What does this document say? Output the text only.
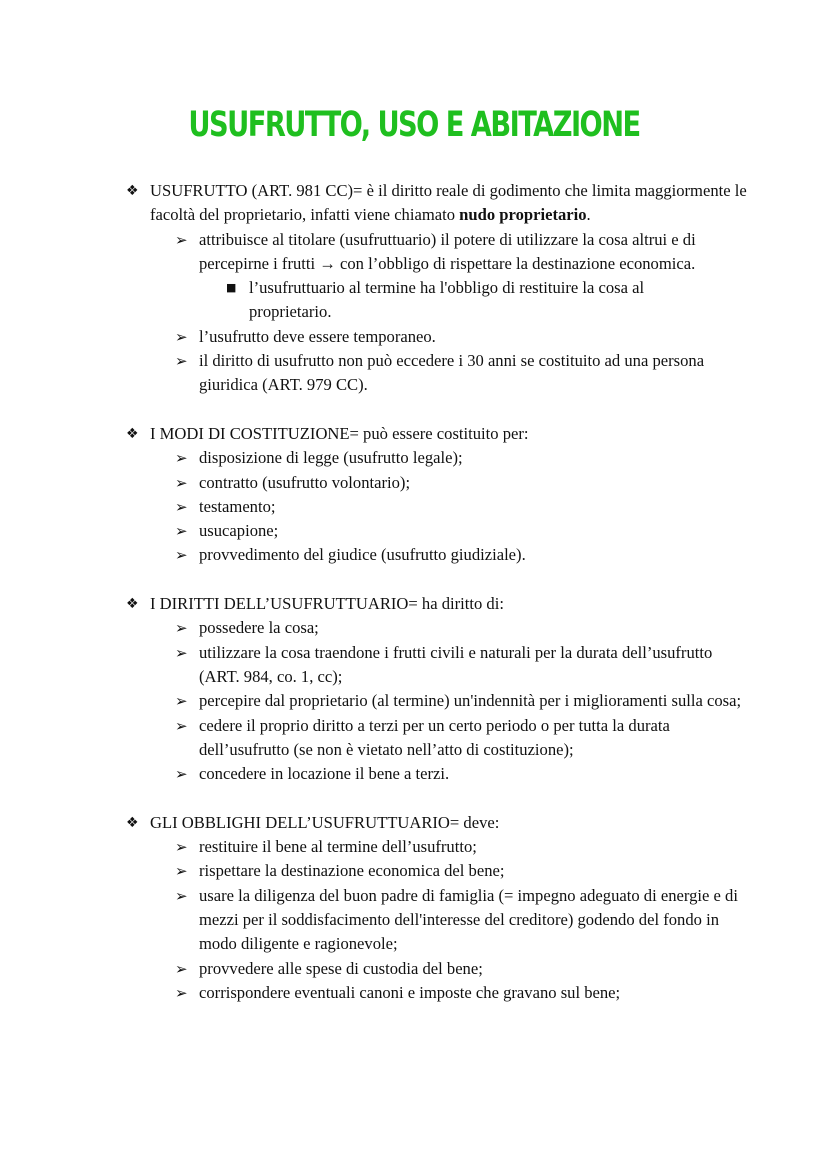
USUFRUTTO, USO E ABITAZIONE
❖ USUFRUTTO (ART. 981 CC)= è il diritto reale di godimento che limita maggiormente le facoltà del proprietario, infatti viene chiamato nudo proprietario.
➢ attribuisce al titolare (usufruttuario) il potere di utilizzare la cosa altrui e di percepirne i frutti → con l’obbligo di rispettare la destinazione economica.
■ l’usufruttuario al termine ha l'obbligo di restituire la cosa al proprietario.
➢ l’usufrutto deve essere temporaneo.
➢ il diritto di usufrutto non può eccedere i 30 anni se costituito ad una persona giuridica (ART. 979 CC).
❖ I MODI DI COSTITUZIONE= può essere costituito per:
➢ disposizione di legge (usufrutto legale);
➢ contratto (usufrutto volontario);
➢ testamento;
➢ usucapione;
➢ provvedimento del giudice (usufrutto giudiziale).
❖ I DIRITTI DELL’USUFRUTTUARIO= ha diritto di:
➢ possedere la cosa;
➢ utilizzare la cosa traendone i frutti civili e naturali per la durata dell’usufrutto (ART. 984, co. 1, cc);
➢ percepire dal proprietario (al termine) un'indennità per i miglioramenti sulla cosa;
➢ cedere il proprio diritto a terzi per un certo periodo o per tutta la durata dell’usufrutto (se non è vietato nell’atto di costituzione);
➢ concedere in locazione il bene a terzi.
❖ GLI OBBLIGHI DELL’USUFRUTTUARIO= deve:
➢ restituire il bene al termine dell’usufrutto;
➢ rispettare la destinazione economica del bene;
➢ usare la diligenza del buon padre di famiglia (= impegno adeguato di energie e di mezzi per il soddisfacimento dell'interesse del creditore) godendo del fondo in modo diligente e ragionevole;
➢ provvedere alle spese di custodia del bene;
➢ corrispondere eventuali canoni e imposte che gravano sul bene;
